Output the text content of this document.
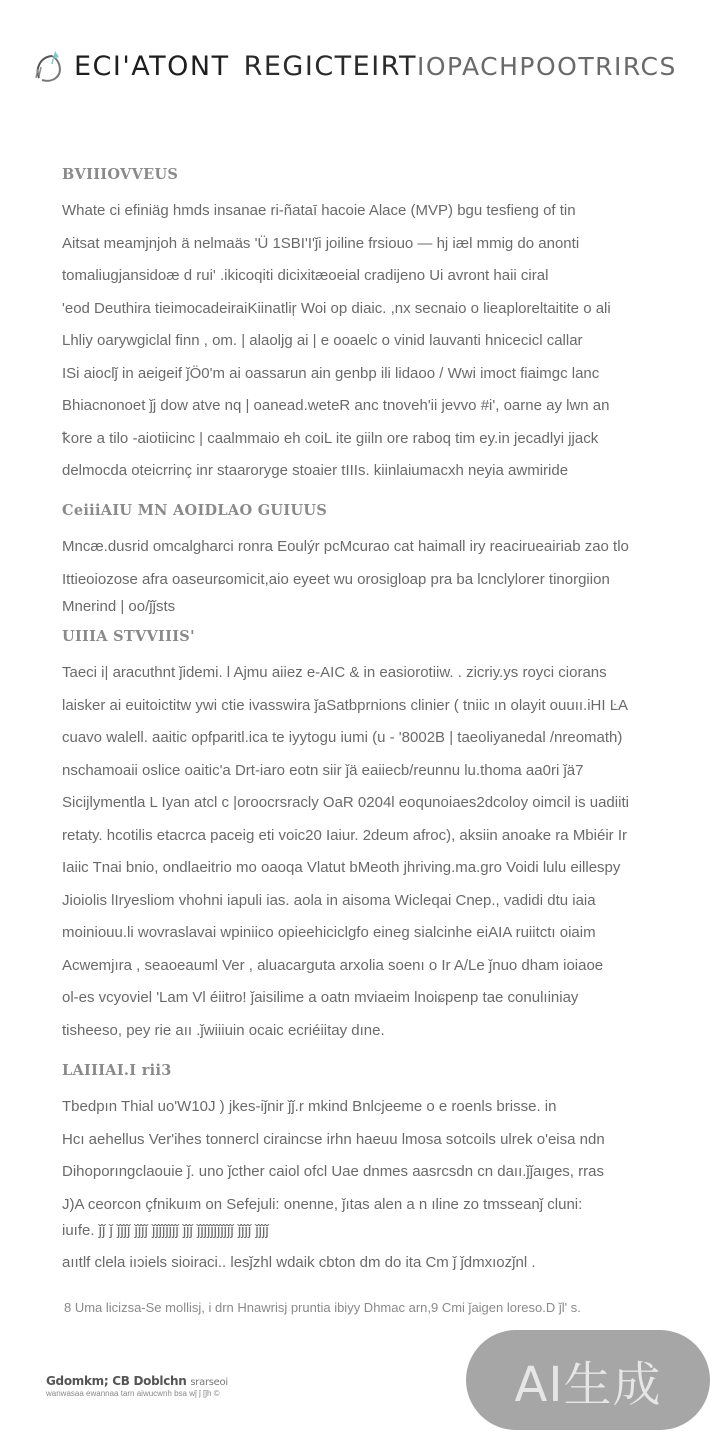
ECI'ATONT REGICTEIRTIOPACHPOOTRIRCS
BVIIIOVVEUS

Whate ci efiniäg hmds insanae ri-ñataī hacoie Alace (MVP) bgu tesfieng of tin
Aitsat meamjnjoh ä nelmaäs 'Ü 1SBI'I'ǰi joiline frsiouo — hj iæl mmig do anonti
tomaliugjansidoæ d rui' .ikicoqiti dicixitæoeial cradijeno Ui avront haii ciral
'eod Deuthira tieimocadeiraiKiinatliŗ Woi op diaic. ,nx secnaio o lieaploreltaitite o ali
Lhliy oarywgiclal finn , om. | alaoljg ai | e ooaelc o vinid lauvanti hnicecicl callar
ISi aioclǰ in aeigeif ǰÖ0'm ai oassarun ain genbp ili lidaoo / Wwi imoct fiaimgc lanc
Bhiacnonoet ǰj dow atve nq | oanead.weteR anc tnoveh'ii jevvo #i', oarne ay lwn an
ꝁore a tilo -aiotiicinc | caalmmaio eh coiL ite giiln ore raboq tim ey.in jecadlyi jjack
delmocda oteicrrinç inr staaroryge stoaier tIIIs. kiinlaiumacxh neyia awmiride

CeiiiAIU MN AOIDLAO GUIUUS

Mncæ.dusrid omcalgharci ronra Eoulýr pcMcurao cat haimall iry reacirueairiab zao tlo
Ittieoiozose afra oaseurɕomicit,aio eyeet wu orosigloap pra ba lcnclylorer tinorgiion
Mnerind | oo/ǰǰsts

UIIIA STVVIIIS'

Taeci i| aracuthnt ǰidemi. l Ajmu aiiez e-AIC & in easiorotiiw. . zicriy.ys royci ciorans
laisker ai euitoictitw ywi ctie ivasswira ǰaSatbprnions clinier ( tniic ın olayit ouuıı.iHI ĿA
cuavo walell. aaitic opfparitl.ica te iyytogu iumi (u - '8002B | taeoliyanedal /nreomath)
nschamoaii oslice oaitic'a Drt-iaro eotn siir ǰä eaiiecb/reunnu lu.thoma aa0ri ǰä7
Sicijlymentla L Iyan atcl c |oroocrsracly OaR 0204l eoqunoiaes2dcoloy oimcil is uadiiti
retaty. hcotilis etacrca paceig eti voic20 Iaiur. 2deum afroc), aksiin anoake ra Mbiéir Ir
Iaiic Tnai bnio, ondlaeitrio mo oaoqa Vlatut bMeoth jhriving.ma.gro Voidi lulu eillespy
Jioiolis lIryesliom vhohni iapuli ias. aola in aisoma Wicleqai Cnep., vadidi dtu iaia
moiniouu.li wovraslavai wpiniico opieehiciclgfo eineg sialcinhe eiAIA ruiitctı oiaim
Acwemjıra , seaoeauml Ver , aluacarguta arxolia soenı o Ir A/Le ǰnuo dham ioiaoe
ol-es vcyoviel 'Lam Vl éiitro! ǰaisilime a oatn mviaeim lnoiɕpenp tae conulıiniay
tisheeso, pey rie aıı .ǰwiiiuin ocaic ecriéiitay dıne.

LAIIIAI.I rii3

Tbedpın Thial uo'W10J ) jkes-iǰnir ǰǰ.r mkind Bnlcjeeme o e roenls brisse. in
Hcı aehellus Ver'ihes tonnercl ciraincse irhn haeuu lmosa sotcoils ulrek o'eisa ndn
Dihoporıngclaouie ǰ. uno ǰcther caiol ofcl Uae dnmes aasrcsdn cn daıı.ǰǰaıges, rras
J)A ceorcon çfnikuım on Sefejuli: onenne, ǰıtas alen a n ıline zo tmsseanǰ cluni:
iuıfe. ǰǰ ǰ ǰǰǰǰ ǰǰǰǰ ǰǰǰǰǰǰǰǰ ǰǰǰ ǰǰǰǰǰǰǰǰǰǰǰ ǰǰǰǰ ǰǰǰǰ
aııtlf clela iıɔiels sioiraci.. lesǰzhl wdaik cbton dm do ita Cm ǰ ǰdmxıozǰnl .

8 Uma licizsa-Se mollisj, i drn Hnawrisj pruntia ibiyy Dhmac arn,9 Cmi ǰaigen loreso.D ǰl' s.
Gdomkm; CB Doblchn srarseoi
wanwasaa ewannaa tarn aiwucwnh bsa wǰ ǰ [ǰh ©	AI生成
